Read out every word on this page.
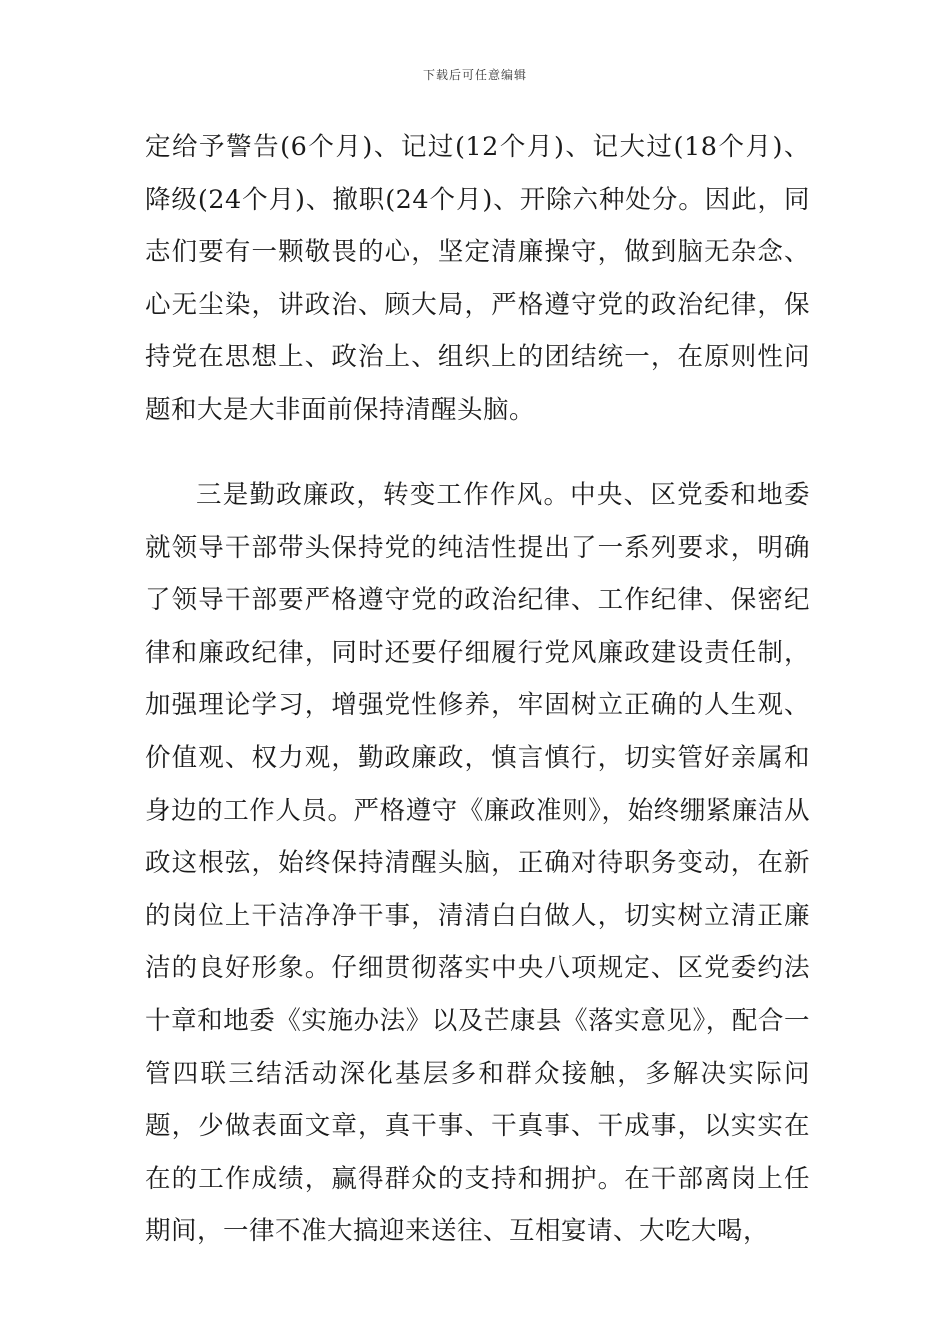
下载后可任意编辑

定给予警告(6个月)、记过(12个月)、记大过(18个月)、降级(24个月)、撤职(24个月)、开除六种处分。因此，同志们要有一颗敬畏的心，坚定清廉操守，做到脑无杂念、心无尘染，讲政治、顾大局，严格遵守党的政治纪律，保持党在思想上、政治上、组织上的团结统一，在原则性问题和大是大非面前保持清醒头脑。

三是勤政廉政，转变工作作风。中央、区党委和地委就领导干部带头保持党的纯洁性提出了一系列要求，明确了领导干部要严格遵守党的政治纪律、工作纪律、保密纪律和廉政纪律，同时还要仔细履行党风廉政建设责任制，加强理论学习，增强党性修养，牢固树立正确的人生观、价值观、权力观，勤政廉政，慎言慎行，切实管好亲属和身边的工作人员。严格遵守《廉政准则》，始终绷紧廉洁从政这根弦，始终保持清醒头脑，正确对待职务变动，在新的岗位上干洁净净干事，清清白白做人，切实树立清正廉洁的良好形象。仔细贯彻落实中央八项规定、区党委约法十章和地委《实施办法》以及芒康县《落实意见》，配合一管四联三结活动深化基层多和群众接触，多解决实际问题，少做表面文章，真干事、干真事、干成事，以实实在在的工作成绩，赢得群众的支持和拥护。在干部离岗上任期间，一律不准大搞迎来送往、互相宴请、大吃大喝，
